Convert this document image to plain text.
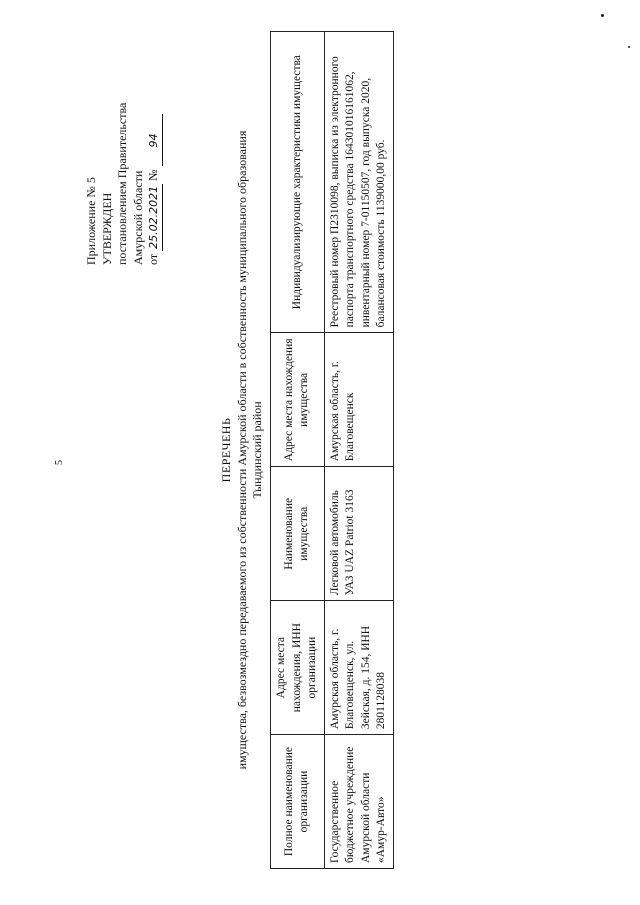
5
Приложение № 5 УТВЕРЖДЕН постановлением Правительства Амурской области от 25.02.2021 № 94
ПЕРЕЧЕНЬ имущества, безвозмездно передаваемого из собственности Амурской области в собственность муниципального образования Тындинский район
Полное наименование организации	Адрес места нахождения, ИНН организации	Наименование имущества	Адрес места нахождения имущества	Индивидуализирующие характеристики имущества
Государственное бюджетное учреждение Амурской области «Амур-Авто»	Амурская область, г. Благовещенск, ул. Зейская, д. 154, ИНН 2801128038	Легковой автомобиль УАЗ UAZ Patriot 3163	Амурская область, г. Благовещенск	Реестровый номер П2310098, выписка из электронного паспорта транспортного средства 164301016161062, инвентарный номер 7-01150507, год выпуска 2020, балансовая стоимость 1139000,00 руб.
